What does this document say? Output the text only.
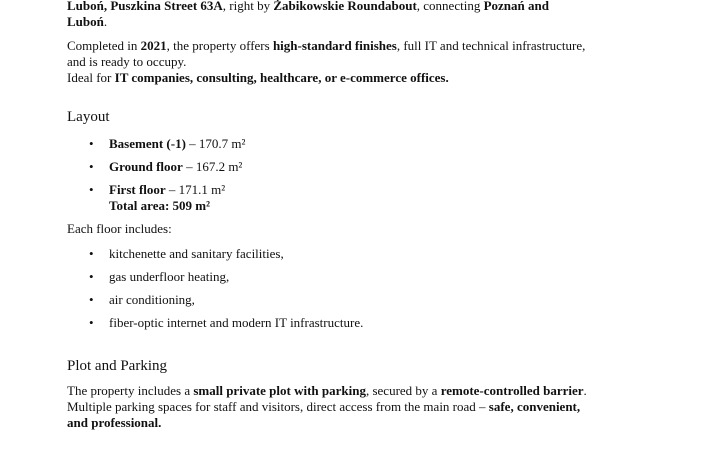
Luboń, Puszkina Street 63A, right by Żabikowskie Roundabout, connecting Poznań and
Luboń.

Completed in 2021, the property offers high-standard finishes, full IT and technical infrastructure,
and is ready to occupy.
Ideal for IT companies, consulting, healthcare, or e-commerce offices.

Layout
•	Basement (-1) – 170.7 m²
•	Ground floor – 167.2 m²
•	First floor – 171.1 m²
Total area: 509 m²

Each floor includes:

•	kitchenette and sanitary facilities,
•	gas underfloor heating,
•	air conditioning,
•	fiber-optic internet and modern IT infrastructure.
Plot and Parking

The property includes a small private plot with parking, secured by a remote-controlled barrier.
Multiple parking spaces for staff and visitors, direct access from the main road – safe, convenient,
and professional.
